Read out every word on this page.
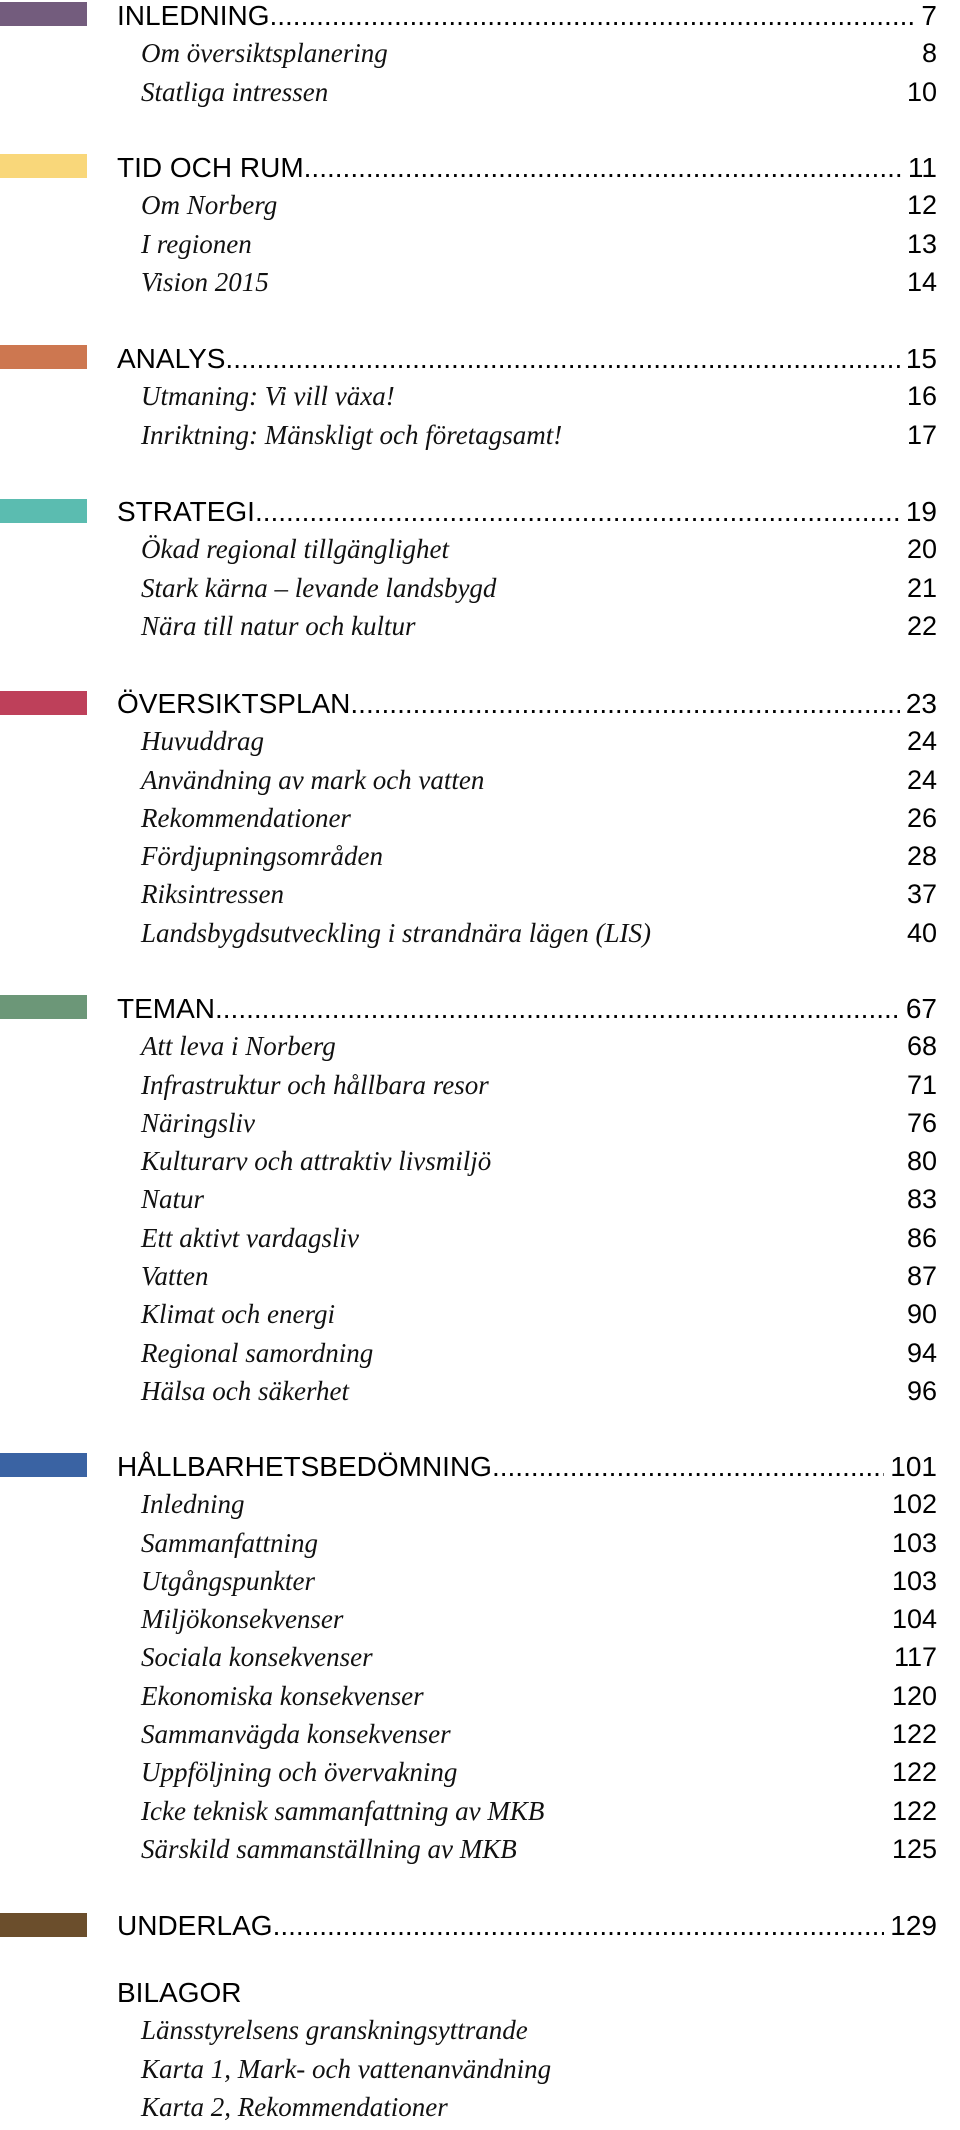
INLEDNING .....	7
Om översiktsplanering	8
Statliga intressen	10
TID OCH RUM .....	11
Om Norberg	12
I regionen	13
Vision 2015	14
ANALYS .....	15
Utmaning: Vi vill växa!	16
Inriktning: Mänskligt och företagsamt!	17
STRATEGI .....	19
Ökad regional tillgänglighet	20
Stark kärna – levande landsbygd	21
Nära till natur och kultur	22
ÖVERSIKTSPLAN .....	23
Huvuddrag	24
Användning av mark och vatten	24
Rekommendationer	26
Fördjupningsområden	28
Riksintressen	37
Landsbygdsutveckling i strandnära lägen (LIS)	40
TEMAN .....	67
Att leva i Norberg	68
Infrastruktur och hållbara resor	71
Näringsliv	76
Kulturarv och attraktiv livsmiljö	80
Natur	83
Ett aktivt vardagsliv	86
Vatten	87
Klimat och energi	90
Regional samordning	94
Hälsa och säkerhet	96
HÅLLBARHETSBEDÖMNING .....	101
Inledning	102
Sammanfattning	103
Utgångspunkter	103
Miljökonsekvenser	104
Sociala konsekvenser	117
Ekonomiska konsekvenser	120
Sammanvägda konsekvenser	122
Uppföljning och övervakning	122
Icke teknisk sammanfattning av MKB	122
Särskild sammanställning av MKB	125
UNDERLAG .....	129
BILAGOR
Länsstyrelsens granskningsyttrande
Karta 1, Mark- och vattenanvändning
Karta 2, Rekommendationer
